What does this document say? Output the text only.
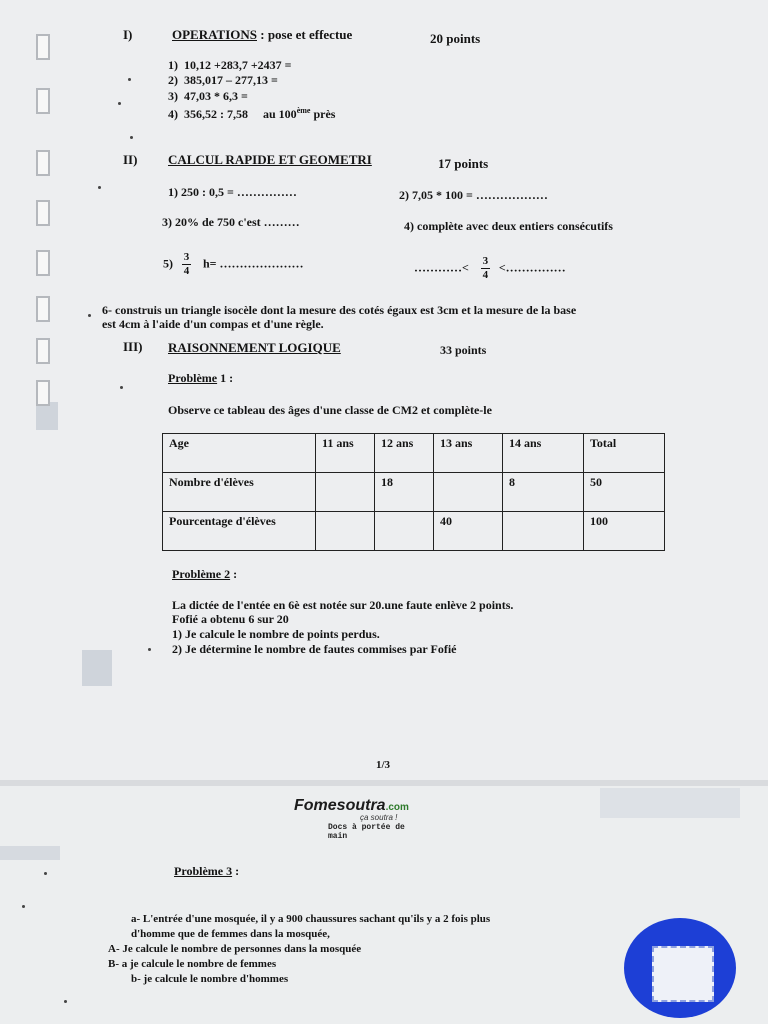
I)	OPERATIONS : pose et effectue	20 points
1) 10,12 +283,7 +2437 =
2) 385,017 – 277,13 =
3) 47,03 * 6,3 =
4) 356,52 : 7,58 au 100ème près
II) CALCUL RAPIDE ET GEOMETRI	17 points
1) 250 : 0,5 = ……………	2) 7,05 * 100 = ………………
3) 20% de 750 c'est ………	4) complète avec deux entiers consécutifs
$5) \frac{3}{4} h=$ …………………	…………< $\frac{3}{4}$ <……………
6- construis un triangle isocèle dont la mesure des cotés égaux est 3cm et la mesure de la base
est 4cm à l'aide d'un compas et d'une règle.
III) RAISONNEMENT LOGIQUE	33 points
Problème 1 :
Observe ce tableau des âges d'une classe de CM2 et complète-le
Age	11 ans	12 ans	13 ans	14 ans	Total
Nombre d'élèves		18		8	50
Pourcentage d'élèves			40		100
Problème 2 :
La dictée de l'entée en 6è est notée sur 20.une faute enlève 2 points.
Fofié a obtenu 6 sur 20
1) Je calcule le nombre de points perdus.
2) Je détermine le nombre de fautes commises par Fofié
1/3
Fomesoutra.com
ça soutra !
Docs à portée de main
Problème 3 :
a- L'entrée d'une mosquée, il y a 900 chaussures sachant qu'ils y a 2 fois plus
d'homme que de femmes dans la mosquée,
A- Je calcule le nombre de personnes dans la mosquée
B- a je calcule le nombre de femmes
b- je calcule le nombre d'hommes
